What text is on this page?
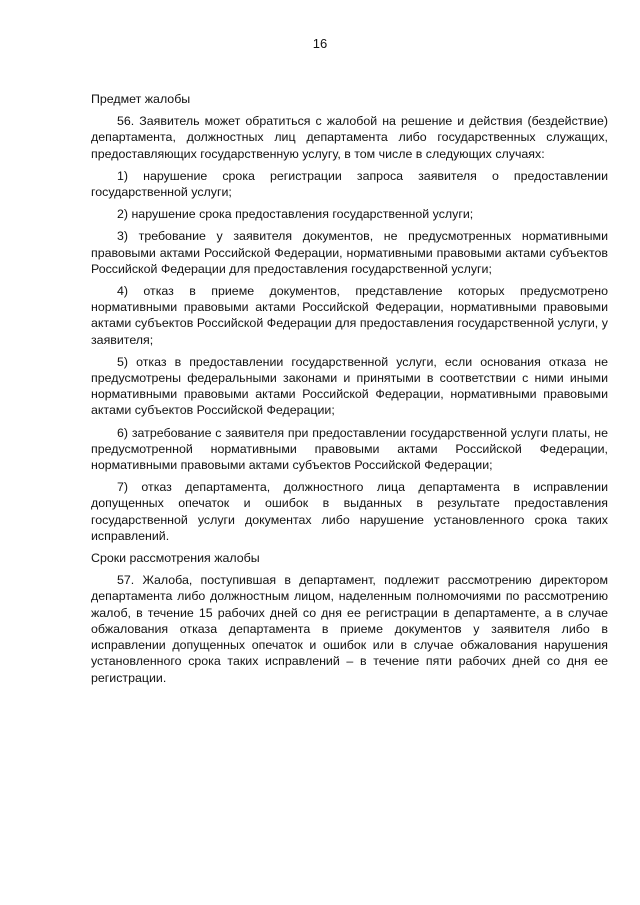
16

Предмет жалобы

56. Заявитель может обратиться с жалобой на решение и действия (бездействие) департамента, должностных лиц департамента либо государственных служащих, предоставляющих государственную услугу, в том числе в следующих случаях:

1) нарушение срока регистрации запроса заявителя о предоставлении государственной услуги;

2) нарушение срока предоставления государственной услуги;

3) требование у заявителя документов, не предусмотренных нормативными правовыми актами Российской Федерации, нормативными правовыми актами субъектов Российской Федерации для предоставления государственной услуги;

4) отказ в приеме документов, представление которых предусмотрено нормативными правовыми актами Российской Федерации, нормативными правовыми актами субъектов Российской Федерации для предоставления государственной услуги, у заявителя;

5) отказ в предоставлении государственной услуги, если основания отказа не предусмотрены федеральными законами и принятыми в соответствии с ними иными нормативными правовыми актами Российской Федерации, нормативными правовыми актами субъектов Российской Федерации;

6) затребование с заявителя при предоставлении государственной услуги платы, не предусмотренной нормативными правовыми актами Российской Федерации, нормативными правовыми актами субъектов Российской Федерации;

7) отказ департамента, должностного лица департамента в исправлении допущенных опечаток и ошибок в выданных в результате предоставления государственной услуги документах либо нарушение установленного срока таких исправлений.

Сроки рассмотрения жалобы

57. Жалоба, поступившая в департамент, подлежит рассмотрению директором департамента либо должностным лицом, наделенным полномочиями по рассмотрению жалоб, в течение 15 рабочих дней со дня ее регистрации в департаменте, а в случае обжалования отказа департамента в приеме документов у заявителя либо в исправлении допущенных опечаток и ошибок или в случае обжалования нарушения установленного срока таких исправлений – в течение пяти рабочих дней со дня ее регистрации.
